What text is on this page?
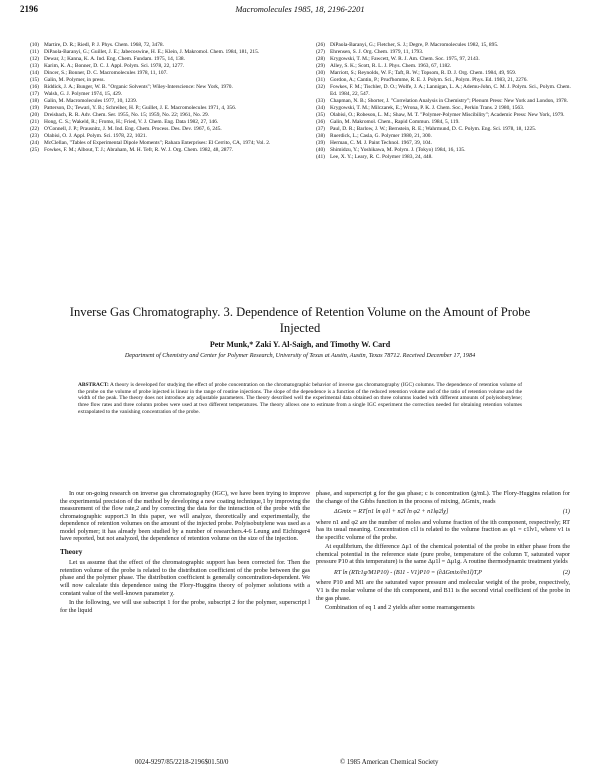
2196	Macromolecules 1985, 18, 2196-2201
(10) Martire, D. R.; Riedl, P. J. Phys. Chem. 1968, 72, 3478.
(11) DiPaola-Baranyi, G.; Guillet, J. E.; Jabecoswine, H. E.; Klein, J. Makromol. Chem. 1984, 181, 215.
(12) Dewar, J.; Kanna, K. A. Ind. Eng. Chem. Fundam. 1975, 14, 138.
(13) Karim, K. A.; Bonner, D. C. J. Appl. Polym. Sci. 1978, 22, 1277.
(14) Dincer, S.; Bonner, D. C. Macromolecules 1978, 11, 107.
(15) Galin, M. Polymer, in press.
(16) Riddick, J. A.; Bunger, W. B. "Organic Solvents"; Wiley-Interscience: New York, 1970.
(17) Walsh, G. J. Polymer 1974, 15, 429.
(18) Galin, M. Macromolecules 1977, 10, 1239.
(19) Patterson, D.; Tewari, Y. B.; Schreiber, H. P.; Guillet, J. E. Macromolecules 1971, 4, 356.
(20) Dreisbach, R. R. Adv. Chem. Ser. 1955, No. 15; 1959, No. 22; 1961, No. 29.
(21) Hong, C. S.; Wakeld, R.; Fromo, H.; Fried, V. J. Chem. Eng. Data 1982, 27, 146.
(22) O'Connell, J. P.; Prausnitz, J. M. Ind. Eng. Chem. Process. Des. Dev. 1967, 6, 245.
(23) Olabisi, O. J. Appl. Polym. Sci. 1978, 22, 1021.
(24) McClellan, "Tables of Experimental Dipole Moments"; Rahara Enterprises: El Cerrito, CA, 1974; Vol. 2.
(25) Fowkes, F. M.; Albout, T. J.; Abraham, M. H. Tefr, R. W. J. Org. Chem. 1982, 48, 2877.
(26) DiPaola-Baranyi, G.; Fletcher, S. J.; Degre, P. Macromolecules 1982, 15, 895.
(27) Ehrensen, S. J. Org. Chem. 1979, 11, 1793.
(28) Krygowski, T. M.; Fawcett, W. R. J. Am. Chem. Soc. 1975, 97, 2143.
(29) Alley, S. K.; Scott, R. L. J. Phys. Chem. 1963, 67, 1182.
(30) Marriott, S.; Reynolds, W. F.; Taft, R. W.; Topsom, R. D. J. Org. Chem. 1984, 49, 959.
(31) Gordon, A.; Cantin, P.; Prud'homme, R. E. J. Polym. Sci., Polym. Phys. Ed. 1983, 21, 2276.
(32) Fowkes, F. M.; Tischler, D. O.; Wolfe, J. A.; Lannigan, L. A.; Ademu-John, C. M. J. Polym. Sci., Polym. Chem. Ed. 1984, 22, 547.
(33) Chapman, N. B.; Shorter, J. "Correlation Analysis in Chemistry"; Plenum Press: New York and London, 1978.
(34) Krygowski, T. M.; Milczarek, E.; Wrona, P. K. J. Chem. Soc., Perkin Trans. 2 1980, 1563.
(35) Olabisi, O.; Robeson, L. M.; Shaw, M. T. "Polymer-Polymer Miscibility"; Academic Press: New York, 1979.
(36) Galin, M. Makromol. Chem., Rapid Commun. 1984, 5, 119.
(37) Paul, D. R.; Barlow, J. W.; Bernstein, R. E.; Wahrmund, D. C. Polym. Eng. Sci. 1978, 18, 1225.
(38) Ruerdick, L.; Casla, G. Polymer 1980, 21, 300.
(39) Herman, C. M. J. Paint Technol. 1967, 39, 104.
(40) Shimidzu, Y.; Yoshikawa, M. Polym. J. (Tokyo) 1984, 16, 135.
(41) Lee, X. Y.; Leary, R. C. Polymer 1983, 24, 448.
Inverse Gas Chromatography. 3. Dependence of Retention Volume on the Amount of Probe Injected
Petr Munk,* Zaki Y. Al-Saigh, and Timothy W. Card
Department of Chemistry and Center for Polymer Research, University of Texas at Austin, Austin, Texas 78712. Received December 17, 1984
ABSTRACT: A theory is developed for studying the effect of probe concentration on the chromatographic behavior of inverse gas chromatography (IGC) columns. The dependence of retention volume of the probe on the volume of probe injected is linear in the range of routine injections. The slope of the dependence is a function of the reduced retention volume and of the ratio of retention volume and the width of the peak. The theory does not introduce any adjustable parameters. The theory described well the experimental data obtained on three columns loaded with different amounts of polyisobutylene; three flow rates and three column probes were used at two different temperatures. The theory allows one to estimate from a single IGC experiment the correction needed for obtaining retention volumes extrapolated to the vanishing concentration of the probe.

In our on-going research on inverse gas chromatography (IGC), we have been trying to improve the experimental precision of the method by developing a new coating technique,1 by improving the measurement of the flow rate,2 and by correcting the data for the interaction of the probe with the chromatographic support.3 In this paper, we will analyze, theoretically and experimentally, the dependence of retention volumes on the amount of the injected probe. Polyisobutylene was used as a model polymer; it has already been studied by a number of researchers.4-6 Leung and Eichinger4 have reported, but not analyzed, the dependence of retention volume on the size of the injection.

Theory

Let us assume that the effect of the chromatographic support has been corrected for. Then the retention volume of the probe is related to the distribution coefficient of the probe between the gas phase and the polymer phase. The distribution coefficient is generally concentration-dependent. We will now calculate this dependence using the Flory-Huggins theory of polymer solutions with a constant value of the well-known parameter χ.

In the following, we will use subscript 1 for the probe, subscript 2 for the polymer, superscript l for the liquid

phase, and superscript g for the gas phase; c is concentration (g/mL). The Flory-Huggins relation for the change of the Gibbs function in the process of mixing, ΔGmix, reads

ΔGmix = RT[n1 ln φ1l + n2l ln φ2 + n1lφ2lχ]	(1)

where n1 and φ2 are the number of moles and volume fraction of the ith component, respectively; RT has its usual meaning. Concentration c1l is related to the volume fraction as φ1 = c1lv1, where v1 is the specific volume of the probe.

At equilibrium, the difference Δμ1 of the chemical potential of the probe in either phase from the chemical potential in the reference state (pure probe, temperature of the column T, saturated vapor pressure P10 at this temperature) is the same Δμ1l = Δμ1g. A routine thermodynamic treatment yields

RT ln (RTc1g/M1P10) - (B11 - V1)P10 = (∂ΔGmix/∂n1l)T,P	(2)

where P10 and M1 are the saturated vapor pressure and molecular weight of the probe, respectively, V1 is the molar volume of the ith component, and B11 is the second virial coefficient of the probe in the gas phase.

Combination of eq 1 and 2 yields after some rearrangements

0024-9297/85/2218-2196$01.50/0	© 1985 American Chemical Society
